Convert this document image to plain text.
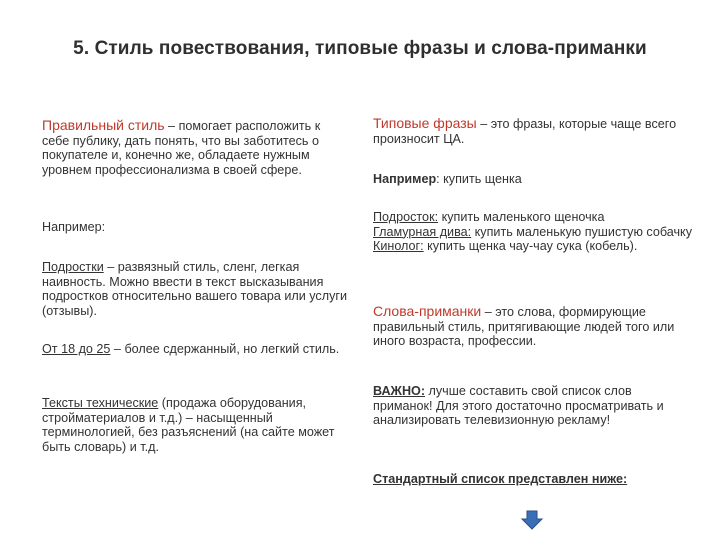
5. Стиль повествования, типовые фразы и слова-приманки
Правильный стиль – помогает расположить к себе публику, дать понять, что вы заботитесь о покупателе и, конечно же, обладаете нужным уровнем профессионализма в своей сфере.
Например:
Подростки – развязный стиль, сленг, легкая наивность. Можно ввести в текст высказывания подростков относительно вашего товара или услуги (отзывы).
От 18 до 25 – более сдержанный, но легкий стиль.
Тексты технические (продажа оборудования, стройматериалов и т.д.) – насыщенный терминологией, без разъяснений (на сайте может быть словарь) и т.д.
Типовые фразы – это фразы, которые чаще всего произносит ЦА.
Например: купить щенка
Подросток: купить маленького щеночка
Гламурная дива: купить маленькую пушистую собачку
Кинолог: купить щенка чау-чау сука (кобель).
Слова-приманки – это слова, формирующие правильный стиль, притягивающие людей того или иного возраста, профессии.
ВАЖНО: лучше составить свой список слов приманок! Для этого достаточно просматривать и анализировать телевизионную рекламу!
Стандартный список представлен ниже:
